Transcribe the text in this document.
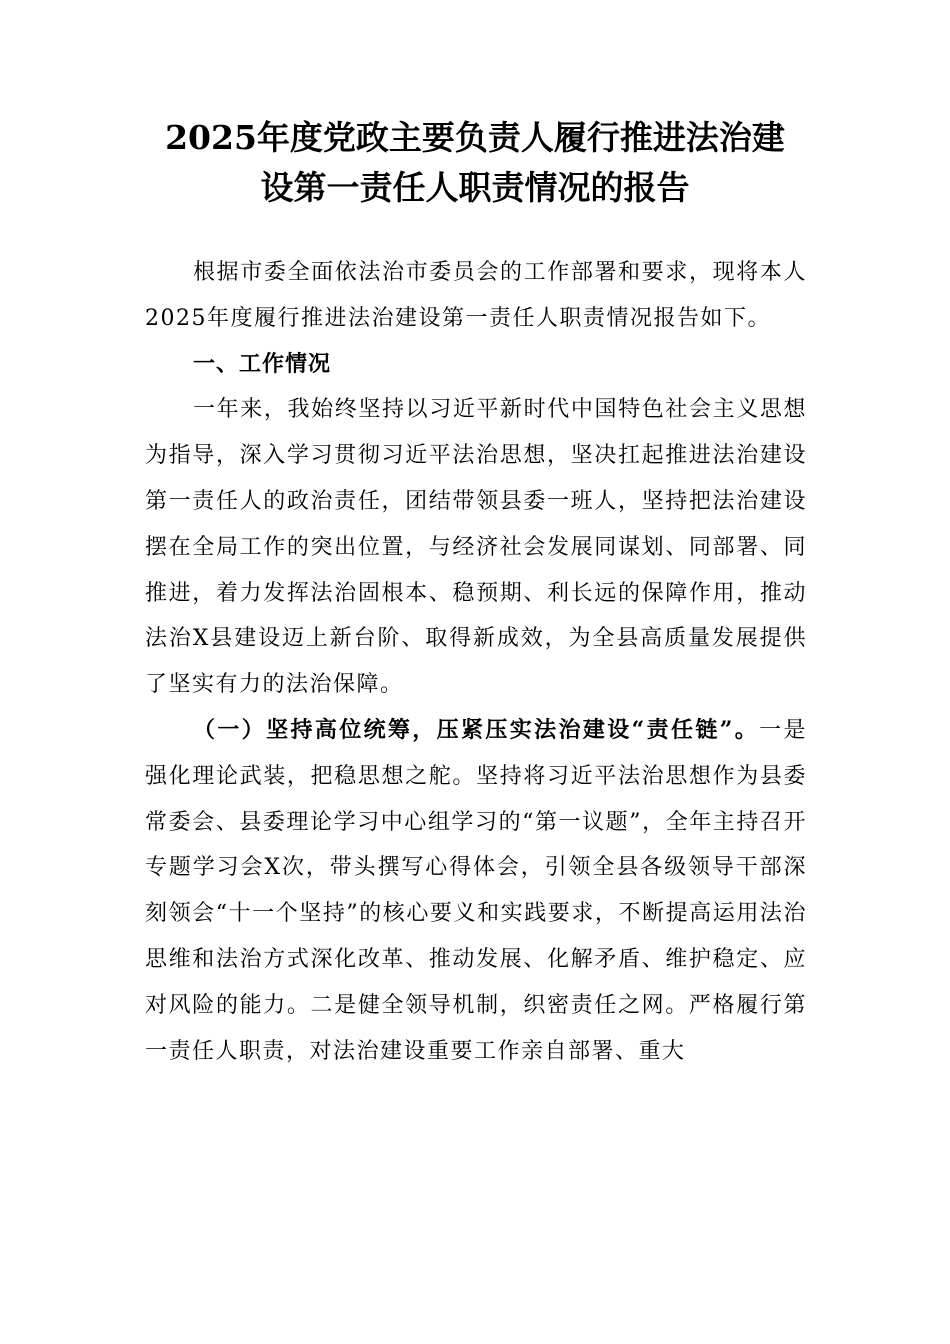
2025年度党政主要负责人履行推进法治建
设第一责任人职责情况的报告

根据市委全面依法治市委员会的工作部署和要求，现将本人2025年度履行推进法治建设第一责任人职责情况报告如下。

一、工作情况

一年来，我始终坚持以习近平新时代中国特色社会主义思想为指导，深入学习贯彻习近平法治思想，坚决扛起推进法治建设第一责任人的政治责任，团结带领县委一班人，坚持把法治建设摆在全局工作的突出位置，与经济社会发展同谋划、同部署、同推进，着力发挥法治固根本、稳预期、利长远的保障作用，推动法治X县建设迈上新台阶、取得新成效，为全县高质量发展提供了坚实有力的法治保障。

（一）坚持高位统筹，压紧压实法治建设“责任链”。一是强化理论武装，把稳思想之舵。坚持将习近平法治思想作为县委常委会、县委理论学习中心组学习的“第一议题”，全年主持召开专题学习会X次，带头撰写心得体会，引领全县各级领导干部深刻领会“十一个坚持”的核心要义和实践要求，不断提高运用法治思维和法治方式深化改革、推动发展、化解矛盾、维护稳定、应对风险的能力。二是健全领导机制，织密责任之网。严格履行第一责任人职责，对法治建设重要工作亲自部署、重大
